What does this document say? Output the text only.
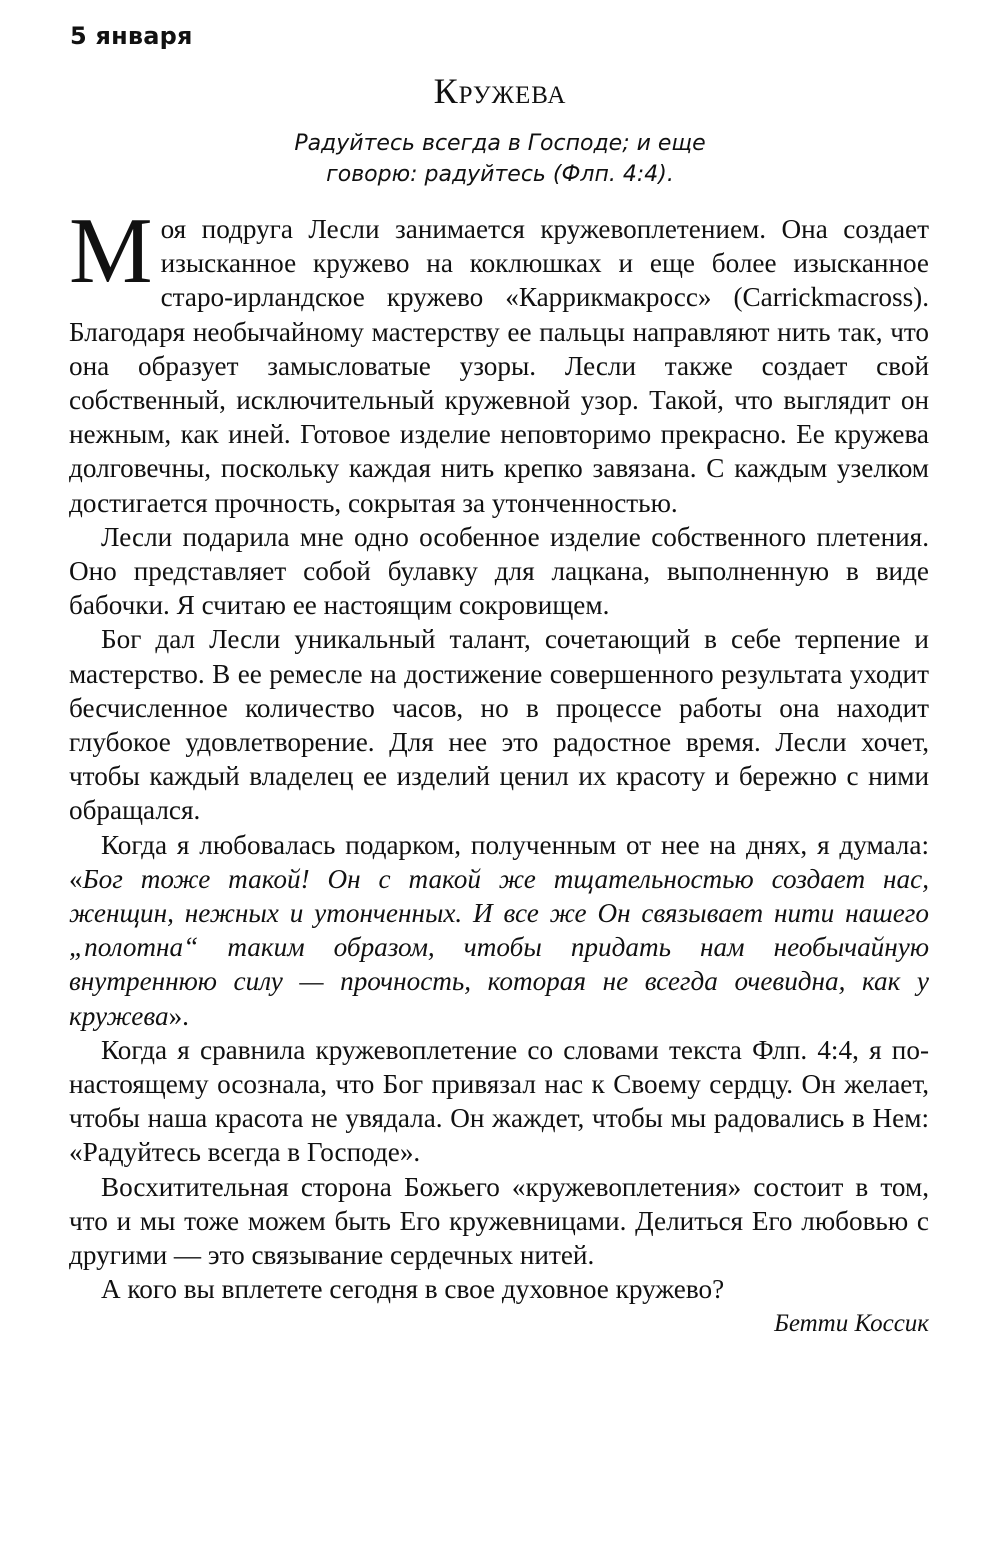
5 января
Кружева
Радуйтесь всегда в Господе; и еще
говорю: радуйтесь (Флп. 4:4).

Моя подруга Лесли занимается кружевоплетением. Она создает изысканное кружево на коклюшках и еще более изысканное старо-ирландское кружево «Каррикмакросс» (Carrickmacross). Благодаря необычайному мастерству ее пальцы направляют нить так, что она образует замысловатые узоры. Лесли также создает свой собственный, исключительный кружевной узор. Такой, что выглядит он нежным, как иней. Готовое изделие неповторимо прекрасно. Ее кружева долговечны, поскольку каждая нить крепко завязана. С каждым узелком достигается прочность, сокрытая за утонченностью.

Лесли подарила мне одно особенное изделие собственного плетения. Оно представляет собой булавку для лацкана, выполненную в виде бабочки. Я считаю ее настоящим сокровищем.

Бог дал Лесли уникальный талант, сочетающий в себе терпение и мастерство. В ее ремесле на достижение совершенного результата уходит бесчисленное количество часов, но в процессе работы она находит глубокое удовлетворение. Для нее это радостное время. Лесли хочет, чтобы каждый владелец ее изделий ценил их красоту и бережно с ними обращался.

Когда я любовалась подарком, полученным от нее на днях, я думала: «Бог тоже такой! Он с такой же тщательностью создает нас, женщин, нежных и утонченных. И все же Он связывает нити нашего „полотна“ таким образом, чтобы придать нам необычайную внутреннюю силу — прочность, которая не всегда очевидна, как у кружева».

Когда я сравнила кружевоплетение со словами текста Флп. 4:4, я по-настоящему осознала, что Бог привязал нас к Своему сердцу. Он желает, чтобы наша красота не увядала. Он жаждет, чтобы мы радовались в Нем: «Радуйтесь всегда в Господе».

Восхитительная сторона Божьего «кружевоплетения» состоит в том, что и мы тоже можем быть Его кружевницами. Делиться Его любовью с другими — это связывание сердечных нитей.

А кого вы вплетете сегодня в свое духовное кружево?

Бетти Коссик
